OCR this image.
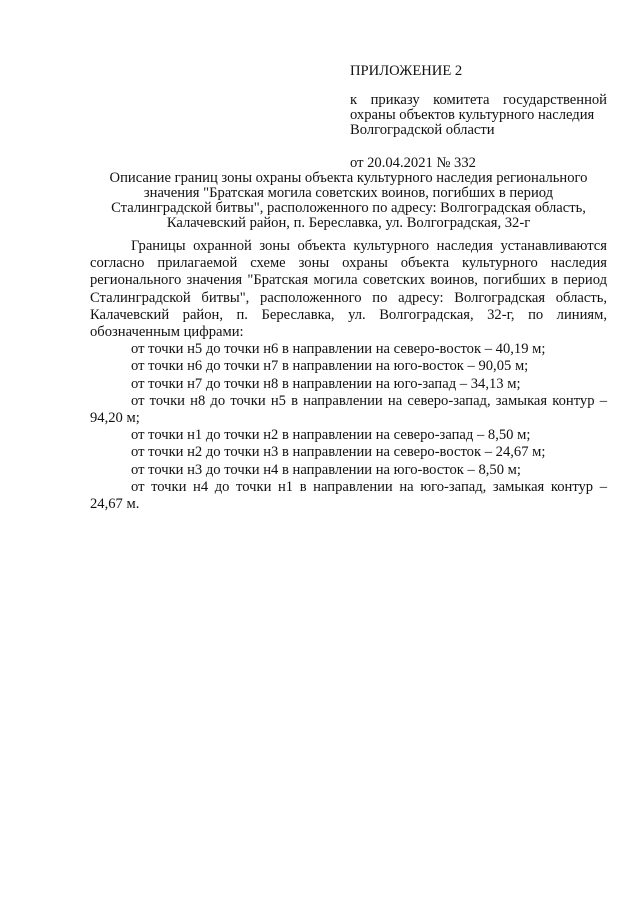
ПРИЛОЖЕНИЕ 2
к приказу комитета государственной
охраны объектов культурного наследия
Волгоградской области
от 20.04.2021 № 332
Описание границ зоны охраны объекта культурного наследия регионального
значения "Братская могила советских воинов, погибших в период
Сталинградской битвы", расположенного по адресу: Волгоградская область,
Калачевский район, п. Береславка, ул. Волгоградская, 32-г

Границы охранной зоны объекта культурного наследия устанавливаются согласно прилагаемой схеме зоны охраны объекта культурного наследия регионального значения "Братская могила советских воинов, погибших в период Сталинградской битвы", расположенного по адресу: Волгоградская область, Калачевский район, п. Береславка, ул. Волгоградская, 32-г, по линиям, обозначенным цифрами:

от точки н5 до точки н6 в направлении на северо-восток – 40,19 м;

от точки н6 до точки н7 в направлении на юго-восток – 90,05 м;

от точки н7 до точки н8 в направлении на юго-запад – 34,13 м;

от точки н8 до точки н5 в направлении на северо-запад, замыкая контур – 94,20 м;

от точки н1 до точки н2 в направлении на северо-запад – 8,50 м;

от точки н2 до точки н3 в направлении на северо-восток – 24,67 м;

от точки н3 до точки н4 в направлении на юго-восток – 8,50 м;

от точки н4 до точки н1 в направлении на юго-запад, замыкая контур – 24,67 м.
